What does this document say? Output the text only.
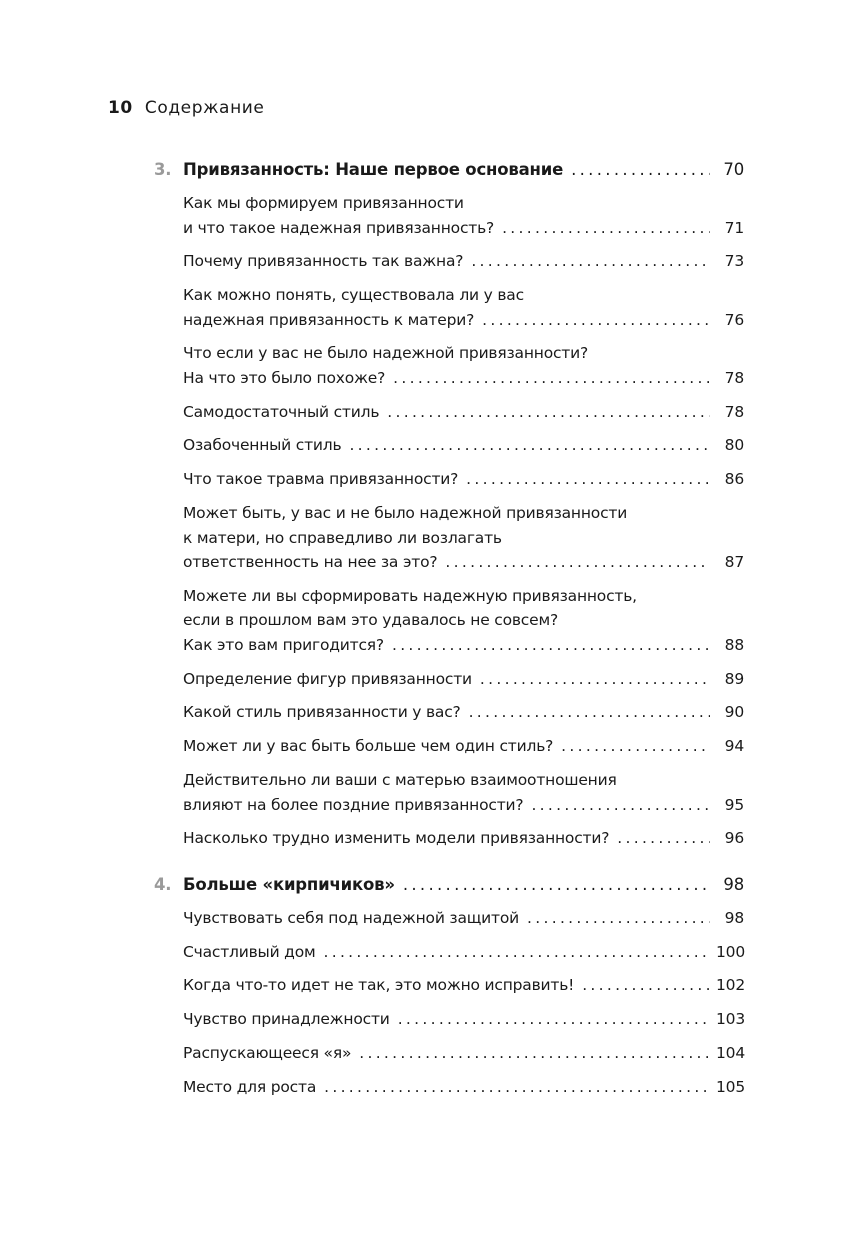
10 Содержание
3. Привязанность: Наше первое основание .....	70
Как мы формируем привязанности
и что такое надежная привязанность? .....	71
Почему привязанность так важна? .....	73
Как можно понять, существовала ли у вас
надежная привязанность к матери? .....	76
Что если у вас не было надежной привязанности?
На что это было похоже? .....	78
Самодостаточный стиль .....	78
Озабоченный стиль .....	80
Что такое травма привязанности? .....	86
Может быть, у вас и не было надежной привязанности
к матери, но справедливо ли возлагать
ответственность на нее за это? .....	87
Можете ли вы сформировать надежную привязанность,
если в прошлом вам это удавалось не совсем?
Как это вам пригодится? .....	88
Определение фигур привязанности .....	89
Какой стиль привязанности у вас? .....	90
Может ли у вас быть больше чем один стиль? .....	94
Действительно ли ваши с матерью взаимоотношения
влияют на более поздние привязанности? .....	95
Насколько трудно изменить модели привязанности? .....	96
4. Больше «кирпичиков» .....	98
Чувствовать себя под надежной защитой .....	98
Счастливый дом .....	100
Когда что-то идет не так, это можно исправить! .....	102
Чувство принадлежности .....	103
Распускающееся «я» .....	104
Место для роста .....	105
